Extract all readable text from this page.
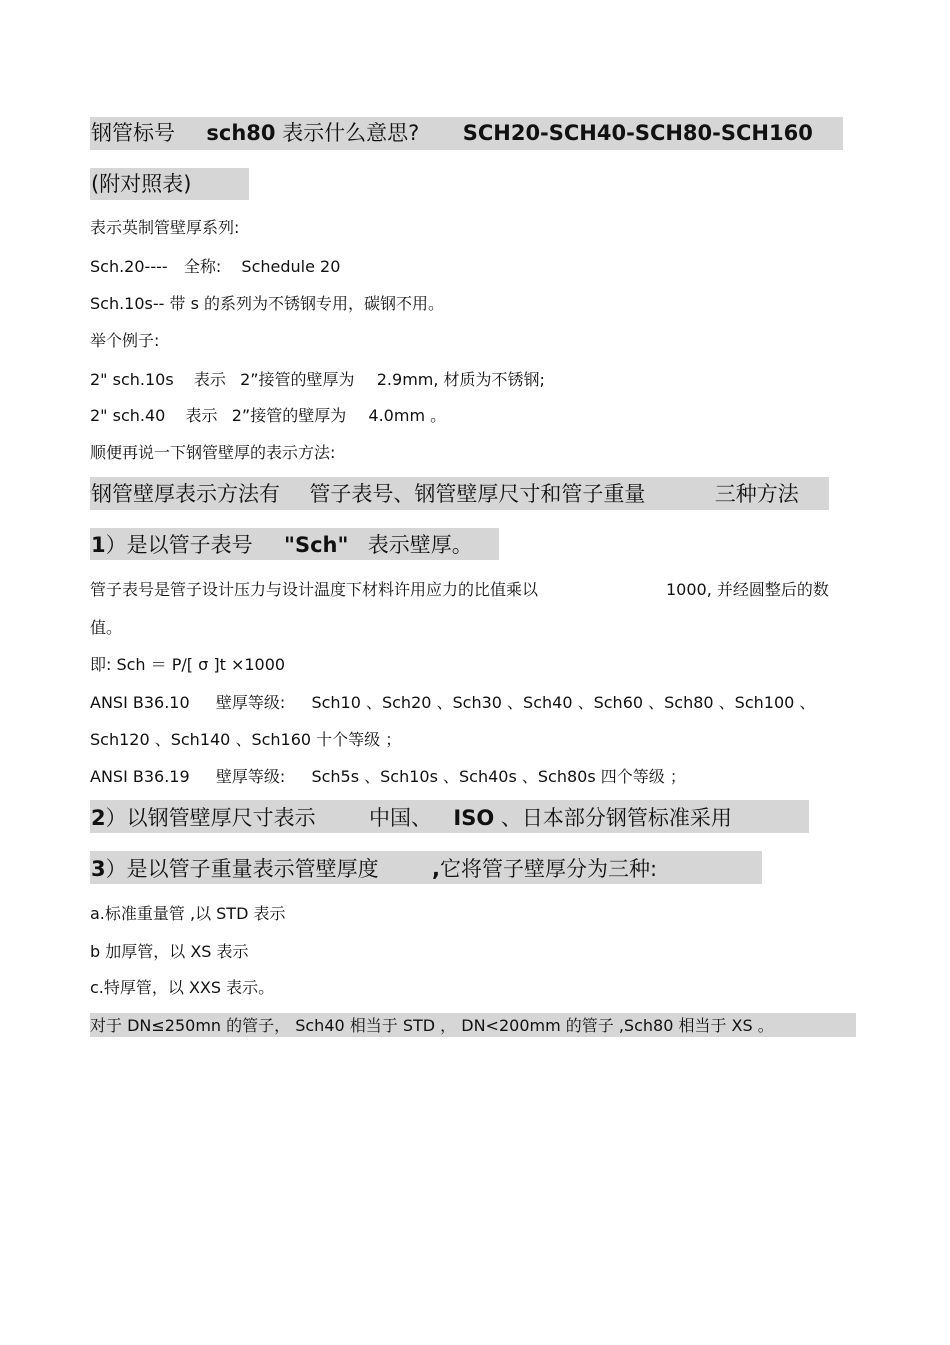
钢管标号 sch80 表示什么意思? SCH20-SCH40-SCH80-SCH160
(附对照表)
表示英制管壁厚系列:
Sch.20---- 全称: Schedule 20
Sch.10s-- 带 s 的系列为不锈钢专用，碳钢不用。
举个例子:
2" sch.10s 表示 2”接管的壁厚为 2.9mm, 材质为不锈钢;
2" sch.40 表示 2”接管的壁厚为 4.0mm 。
顺便再说一下钢管壁厚的表示方法:
钢管壁厚表示方法有 管子表号、钢管壁厚尺寸和管子重量	三种方法
1）是以管子表号 "Sch" 表示壁厚。
管子表号是管子设计压力与设计温度下材料许用应力的比值乘以	1000, 并经圆整后的数
值。
即: Sch ＝ P/[ σ ]t ×1000
ANSI B36.10 壁厚等级: Sch10 、Sch20 、Sch30 、Sch40 、Sch60 、Sch80 、Sch100 、
Sch120 、Sch140 、Sch160 十个等级 ；
ANSI B36.19 壁厚等级: Sch5s 、Sch10s 、Sch40s 、Sch80s 四个等级 ；
2）以钢管壁厚尺寸表示	中国、 ISO 、日本部分钢管标准采用
3）是以管子重量表示管壁厚度	,它将管子壁厚分为三种:
a.标准重量管 ,以 STD 表示
b 加厚管，以 XS 表示
c.特厚管，以 XXS 表示。
对于 DN≤250mn 的管子， Sch40 相当于 STD ， DN<200mm 的管子 ,Sch80 相当于 XS 。
